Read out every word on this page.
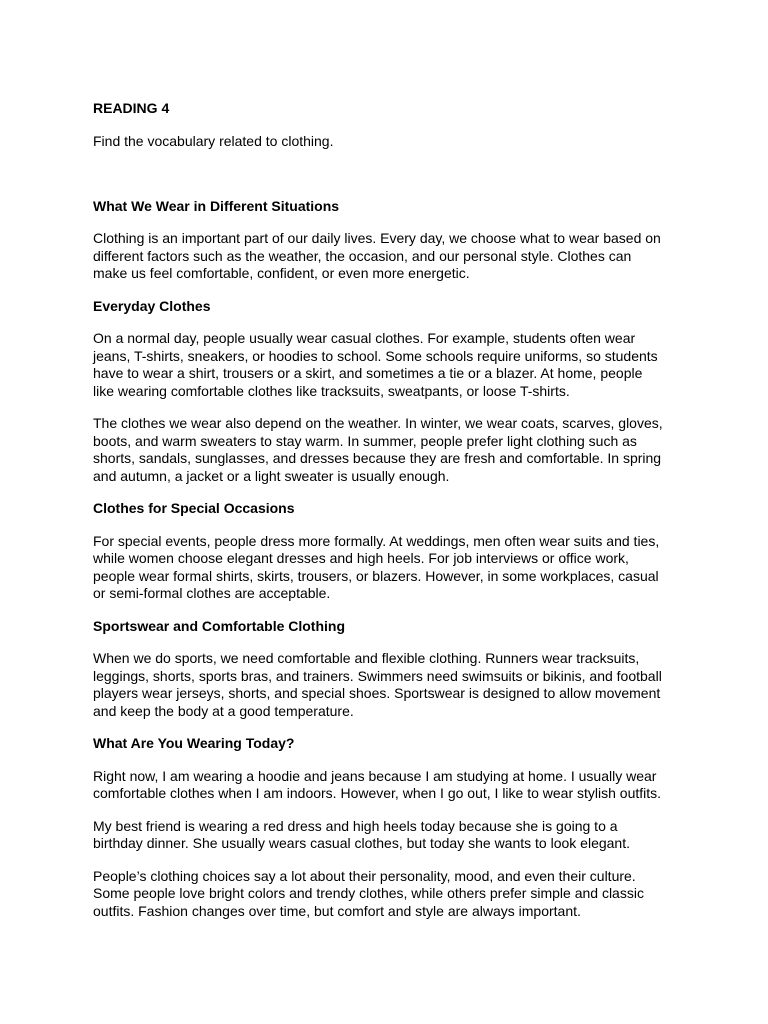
READING 4
Find the vocabulary related to clothing.
What We Wear in Different Situations
Clothing is an important part of our daily lives. Every day, we choose what to wear based on
different factors such as the weather, the occasion, and our personal style. Clothes can
make us feel comfortable, confident, or even more energetic.
Everyday Clothes
On a normal day, people usually wear casual clothes. For example, students often wear
jeans, T-shirts, sneakers, or hoodies to school. Some schools require uniforms, so students
have to wear a shirt, trousers or a skirt, and sometimes a tie or a blazer. At home, people
like wearing comfortable clothes like tracksuits, sweatpants, or loose T-shirts.
The clothes we wear also depend on the weather. In winter, we wear coats, scarves, gloves,
boots, and warm sweaters to stay warm. In summer, people prefer light clothing such as
shorts, sandals, sunglasses, and dresses because they are fresh and comfortable. In spring
and autumn, a jacket or a light sweater is usually enough.
Clothes for Special Occasions
For special events, people dress more formally. At weddings, men often wear suits and ties,
while women choose elegant dresses and high heels. For job interviews or office work,
people wear formal shirts, skirts, trousers, or blazers. However, in some workplaces, casual
or semi-formal clothes are acceptable.
Sportswear and Comfortable Clothing
When we do sports, we need comfortable and flexible clothing. Runners wear tracksuits,
leggings, shorts, sports bras, and trainers. Swimmers need swimsuits or bikinis, and football
players wear jerseys, shorts, and special shoes. Sportswear is designed to allow movement
and keep the body at a good temperature.
What Are You Wearing Today?
Right now, I am wearing a hoodie and jeans because I am studying at home. I usually wear
comfortable clothes when I am indoors. However, when I go out, I like to wear stylish outfits.
My best friend is wearing a red dress and high heels today because she is going to a
birthday dinner. She usually wears casual clothes, but today she wants to look elegant.
People’s clothing choices say a lot about their personality, mood, and even their culture.
Some people love bright colors and trendy clothes, while others prefer simple and classic
outfits. Fashion changes over time, but comfort and style are always important.
